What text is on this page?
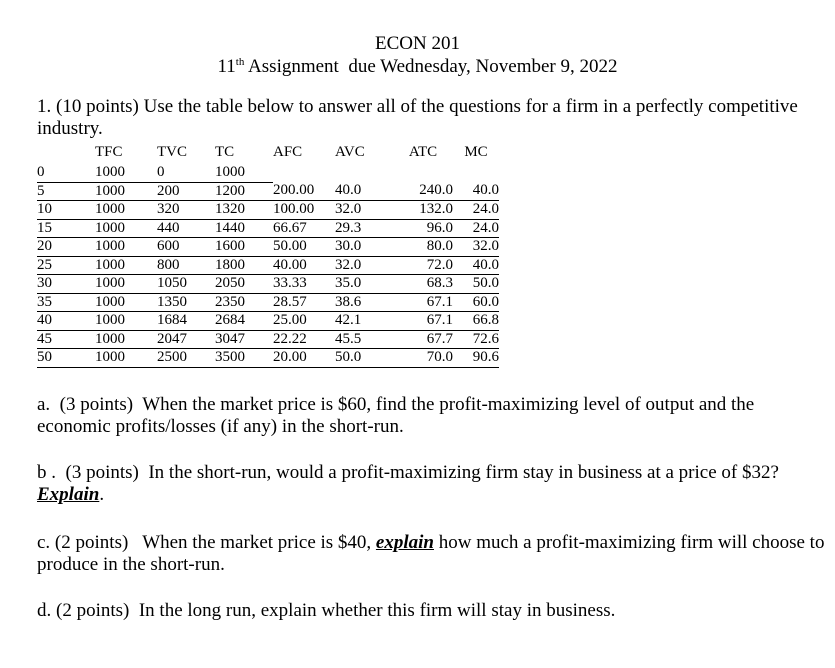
ECON 201
11th Assignment  due Wednesday, November 9, 2022
1. (10 points) Use the table below to answer all of the questions for a firm in a perfectly competitive industry.
	TFC	TVC	TC	AFC	AVC	ATC	MC
0	1000	0	1000				
5	1000	200	1200	200.00	40.0	240.0	40.0
10	1000	320	1320	100.00	32.0	132.0	24.0
15	1000	440	1440	66.67	29.3	96.0	24.0
20	1000	600	1600	50.00	30.0	80.0	32.0
25	1000	800	1800	40.00	32.0	72.0	40.0
30	1000	1050	2050	33.33	35.0	68.3	50.0
35	1000	1350	2350	28.57	38.6	67.1	60.0
40	1000	1684	2684	25.00	42.1	67.1	66.8
45	1000	2047	3047	22.22	45.5	67.7	72.6
50	1000	2500	3500	20.00	50.0	70.0	90.6
a.  (3 points)  When the market price is $60, find the profit-maximizing level of output and the economic profits/losses (if any) in the short-run.
b .  (3 points)  In the short-run, would a profit-maximizing firm stay in business at a price of $32? Explain.
c. (2 points)   When the market price is $40, explain how much a profit-maximizing firm will choose to produce in the short-run.
d. (2 points)  In the long run, explain whether this firm will stay in business.
